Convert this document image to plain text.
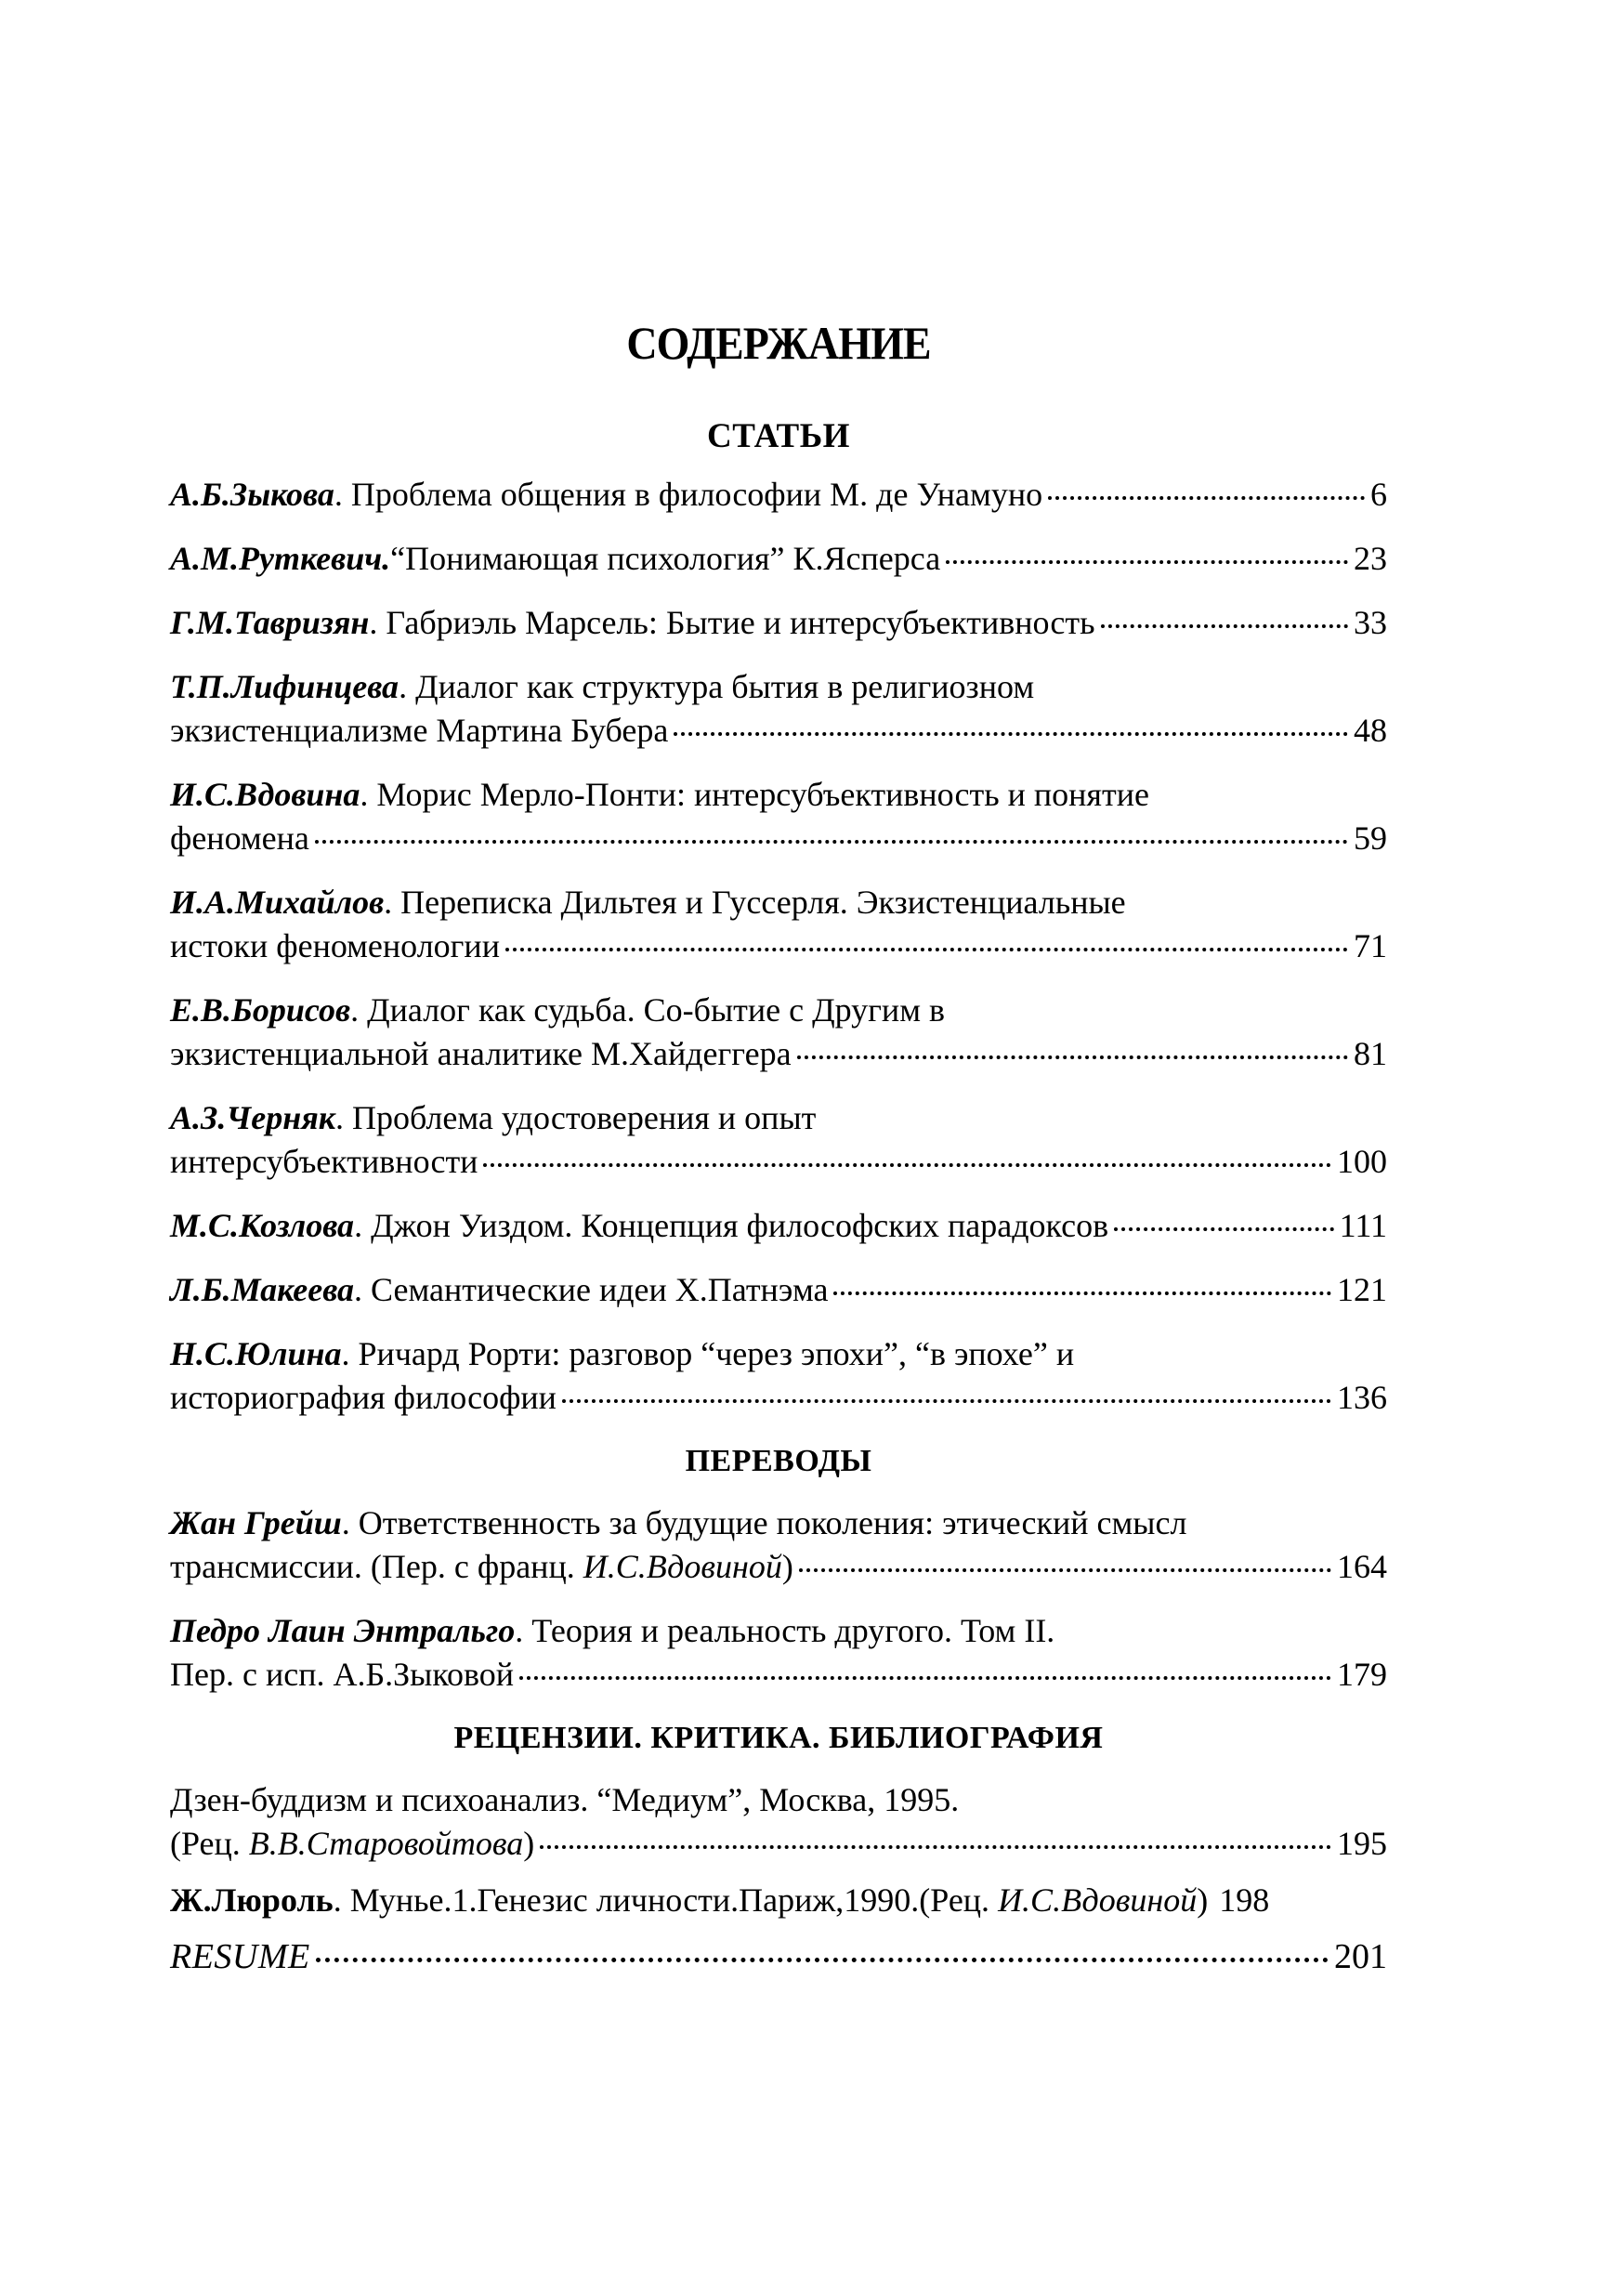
СОДЕРЖАНИЕ
СТАТЬИ
А.Б.Зыкова. Проблема общения в философии М. де Унамуно	6
А.М.Руткевич.“Понимающая психология” К.Ясперса	23
Г.М.Тавризян. Габриэль Марсель: Бытие и интерсубъективность	33
Т.П.Лифинцева. Диалог как структура бытия в религиозном
экзистенциализме Мартина Бубера	48
И.С.Вдовина. Морис Мерло-Понти: интерсубъективность и понятие
феномена	59
И.А.Михайлов. Переписка Дильтея и Гуссерля. Экзистенциальные
истоки феноменологии	71
Е.В.Борисов. Диалог как судьба. Со-бытие с Другим в
экзистенциальной аналитике М.Хайдеггера	81
А.З.Черняк. Проблема удостоверения и опыт
интерсубъективности	100
М.С.Козлова. Джон Уиздом. Концепция философских парадоксов	111
Л.Б.Макеева. Семантические идеи Х.Патнэма	121
Н.С.Юлина. Ричард Рорти: разговор “через эпохи”, “в эпохе” и
историография философии	136
ПЕРЕВОДЫ
Жан Грейш. Ответственность за будущие поколения: этический смысл
трансмиссии. (Пер. с франц. И.С.Вдовиной)	164
Педро Лаин Энтральго. Теория и реальность другого. Том II.
Пер. с исп. А.Б.Зыковой	179
РЕЦЕНЗИИ. КРИТИКА. БИБЛИОГРАФИЯ
Дзен-буддизм и психоанализ. “Медиум”, Москва, 1995.
(Рец. В.В.Старовойтова)	195
Ж.Люроль. Мунье.1.Генезис личности.Париж,1990.(Рец. И.С.Вдовиной) 198
RESUME	201
